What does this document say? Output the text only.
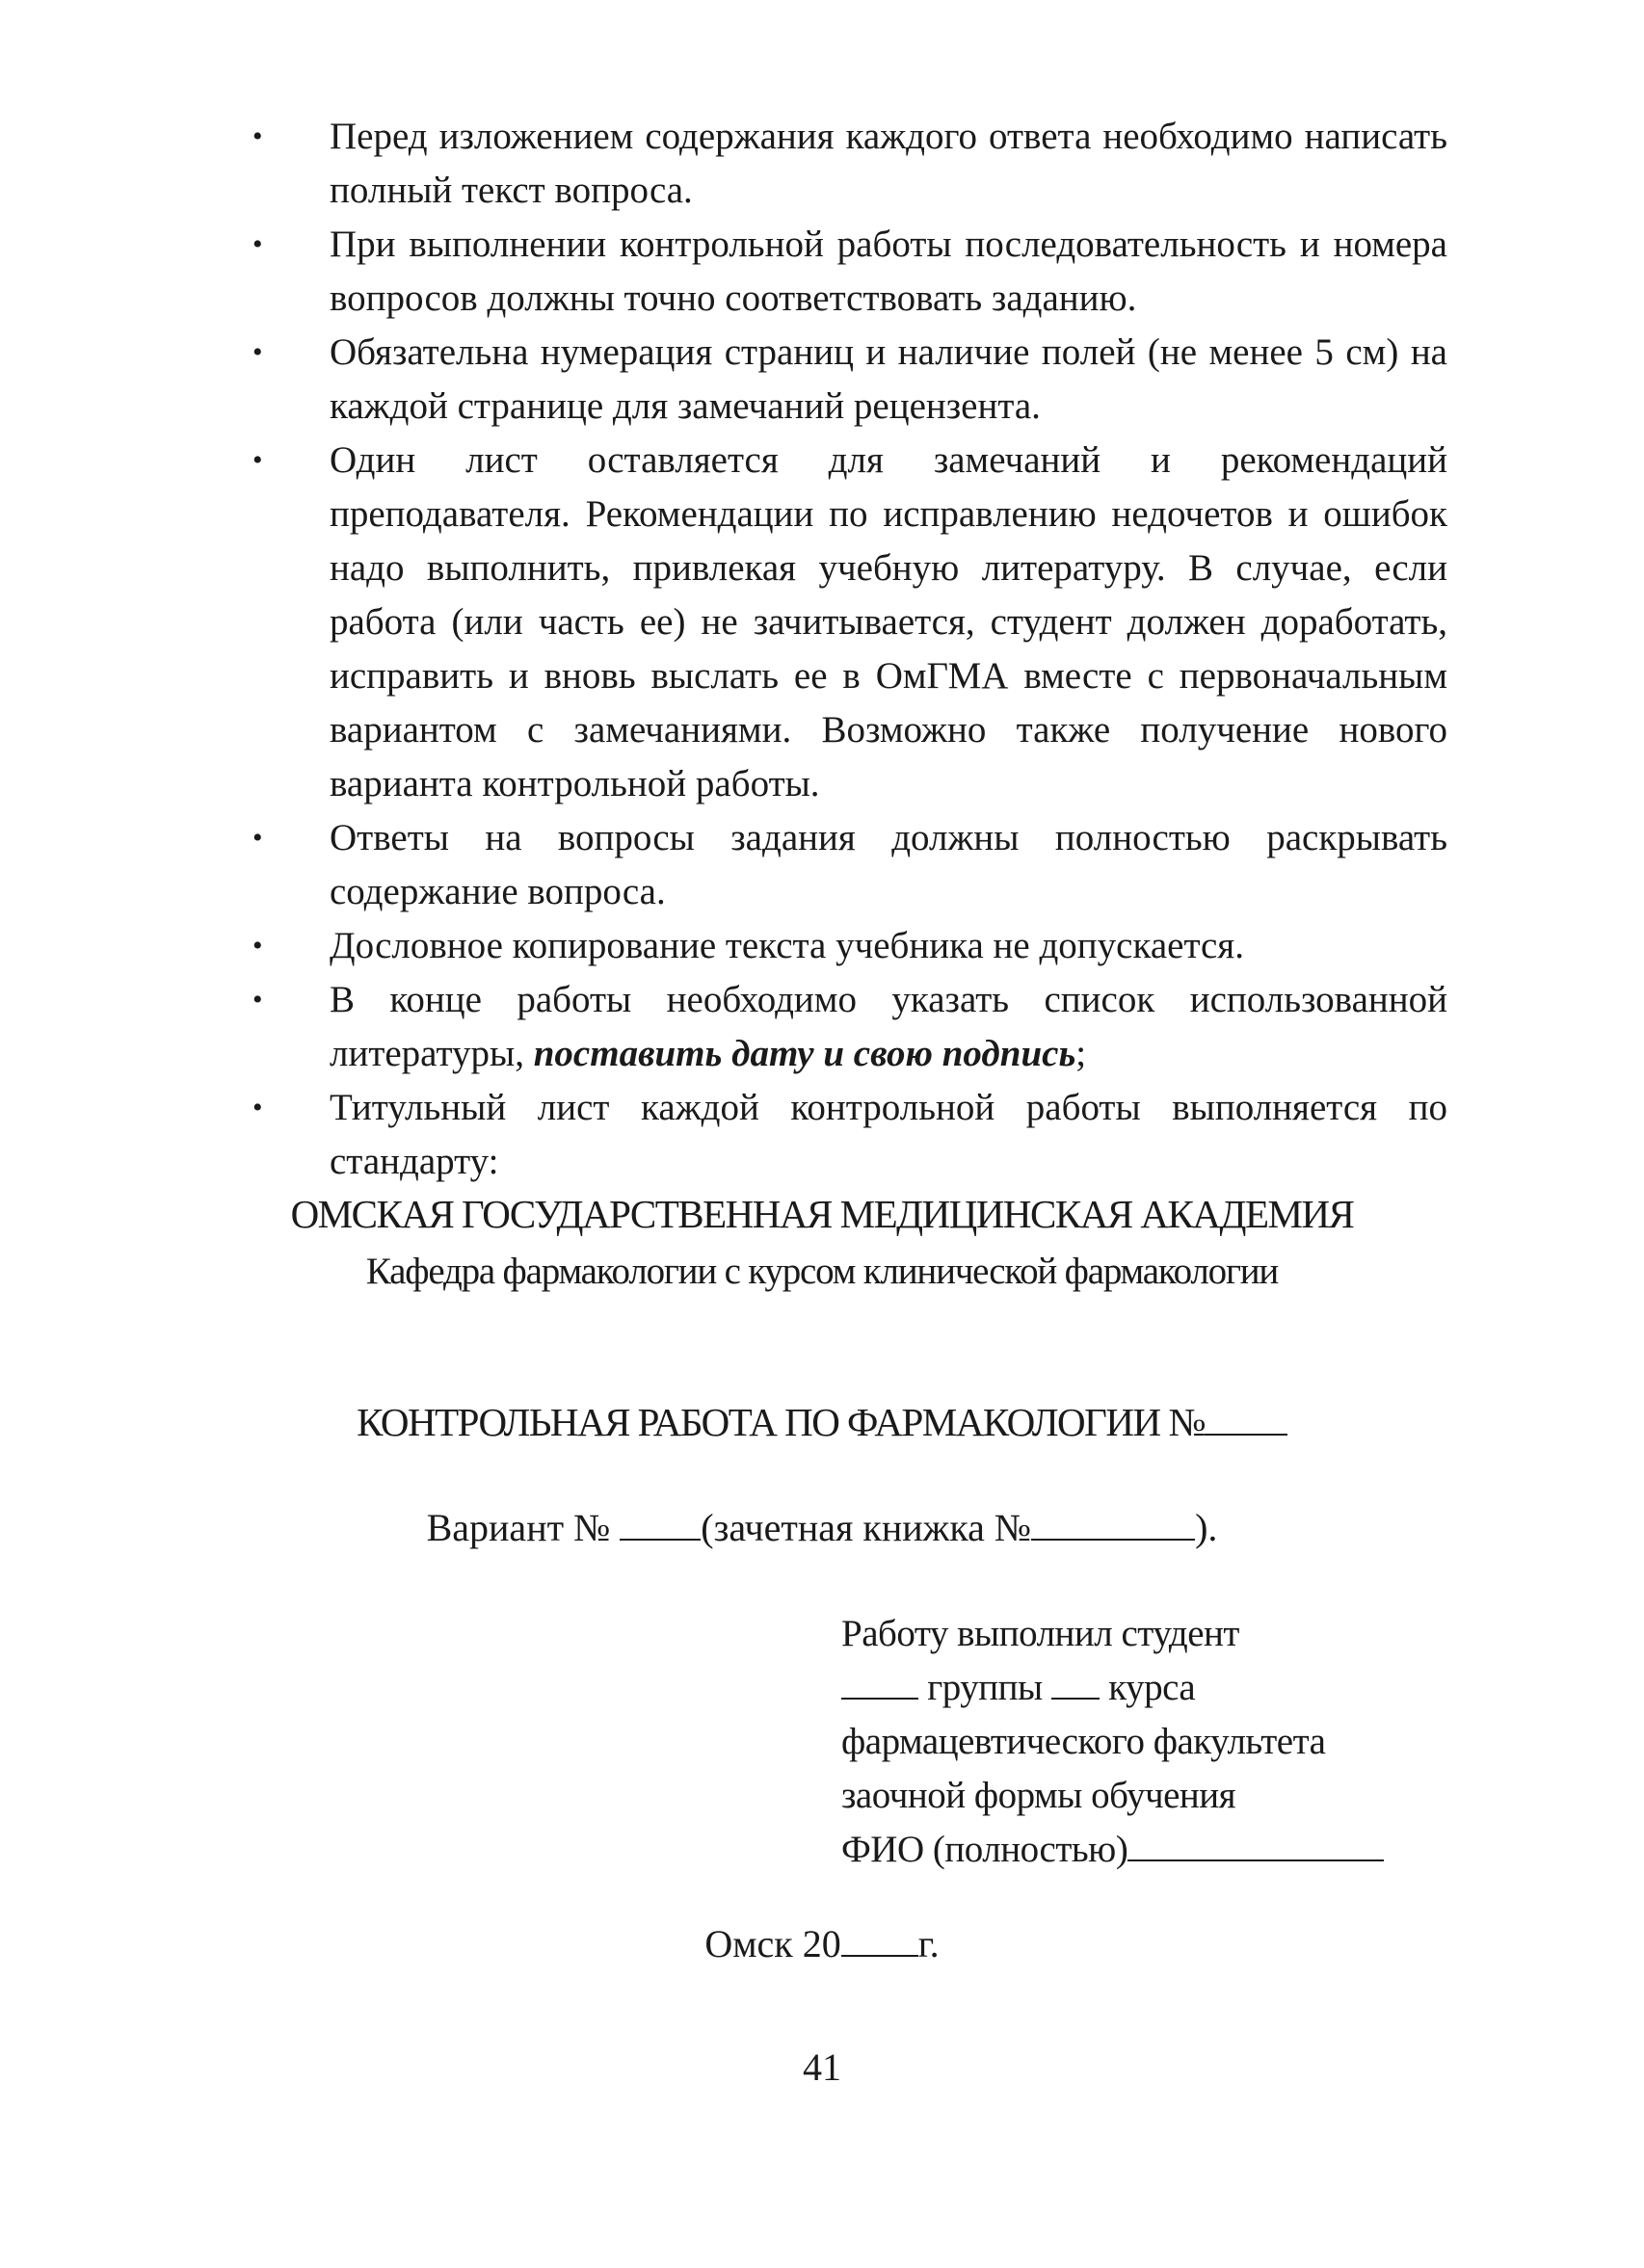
•	Перед изложением содержания каждого ответа необходимо написать полный текст вопроса.
•	При выполнении контрольной работы последовательность и номера вопросов должны точно соответствовать заданию.
•	Обязательна нумерация страниц и наличие полей (не менее 5 см) на каждой странице для замечаний рецензента.
•	Один лист оставляется для замечаний и рекомендаций преподавателя. Рекомендации по исправлению недочетов и ошибок надо выполнить, привлекая учебную литературу. В случае, если работа (или часть ее) не зачитывается, студент должен доработать, исправить и вновь выслать ее в ОмГМА вместе с первоначальным вариантом с замечаниями. Возможно также получение нового варианта контрольной работы.
•	Ответы на вопросы задания должны полностью раскрывать содержание вопроса.
•	Дословное копирование текста учебника не допускается.
•	В конце работы необходимо указать список использованной литературы, поставить дату и свою подпись;
•	Титульный лист каждой контрольной работы выполняется по стандарту:
ОМСКАЯ ГОСУДАРСТВЕННАЯ МЕДИЦИНСКАЯ АКАДЕМИЯ
Кафедра фармакологии с курсом клинической фармакологии
КОНТРОЛЬНАЯ РАБОТА ПО ФАРМАКОЛОГИИ №
Вариант № (зачетная книжка №	).
Работу выполнил студент
группы курса
фармацевтического факультета
заочной формы обучения
ФИО (полностью)
Омск 20 г.
41
